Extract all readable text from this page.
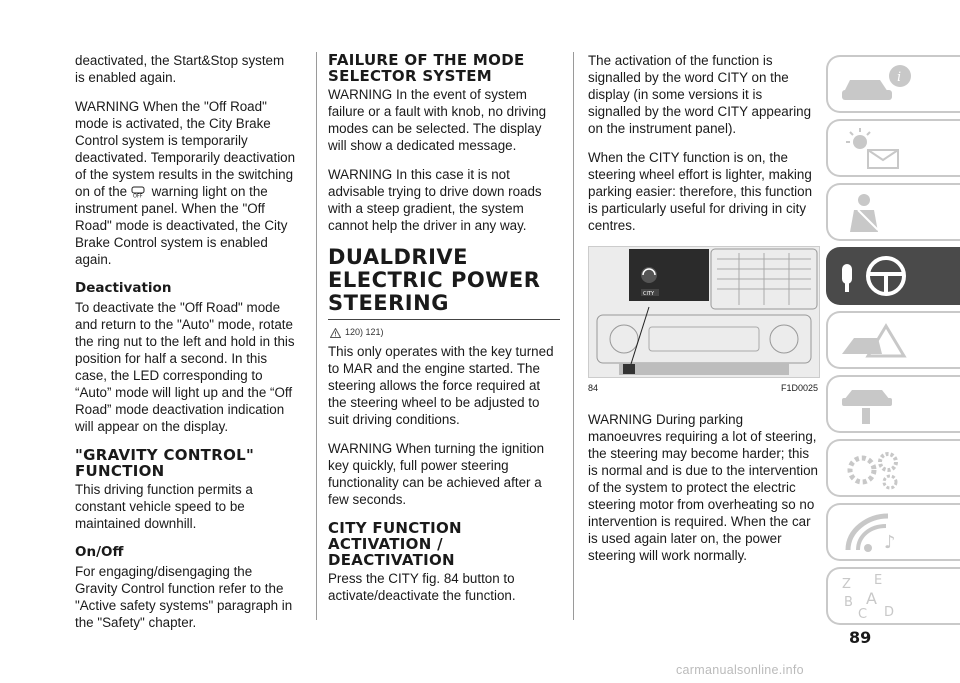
deactivated, the Start&Stop system is enabled again.

WARNING When the "Off Road" mode is activated, the City Brake Control system is temporarily deactivated. Temporarily deactivation of the system results in the switching on of the OFF warning light on the instrument panel. When the "Off Road" mode is deactivated, the City Brake Control system is enabled again.

Deactivation

To deactivate the "Off Road" mode and return to the "Auto" mode, rotate the ring nut to the left and hold in this position for half a second. In this case, the LED corresponding to “Auto” mode will light up and the “Off Road” mode deactivation indication will appear on the display.

"GRAVITY CONTROL" FUNCTION

This driving function permits a constant vehicle speed to be maintained downhill.

On/Off

For engaging/disengaging the Gravity Control function refer to the "Active safety systems" paragraph in the "Safety" chapter.

FAILURE OF THE MODE SELECTOR SYSTEM

WARNING In the event of system failure or a fault with knob, no driving modes can be selected. The display will show a dedicated message.

WARNING In this case it is not advisable trying to drive down roads with a steep gradient, the system cannot help the driver in any way.

DUALDRIVE ELECTRIC POWER STEERING
120) 121)

This only operates with the key turned to MAR and the engine started. The steering allows the force required at the steering wheel to be adjusted to suit driving conditions.

WARNING When turning the ignition key quickly, full power steering functionality can be achieved after a few seconds.

CITY FUNCTION ACTIVATION / DEACTIVATION

Press the CITY fig. 84 button to activate/deactivate the function.

The activation of the function is signalled by the word CITY on the display (in some versions it is signalled by the word CITY appearing on the instrument panel).

When the CITY function is on, the steering wheel effort is lighter, making parking easier: therefore, this function is particularly useful for driving in city centres.

CITY
84	F1D0025

WARNING During parking manoeuvres requiring a lot of steering, the steering may become harder; this is normal and is due to the intervention of the system to protect the electric steering motor from overheating so no intervention is required. When the car is used again later on, the power steering will work normally.

i
♪
Z E
B A
C D
89
carmanualsonline.info
